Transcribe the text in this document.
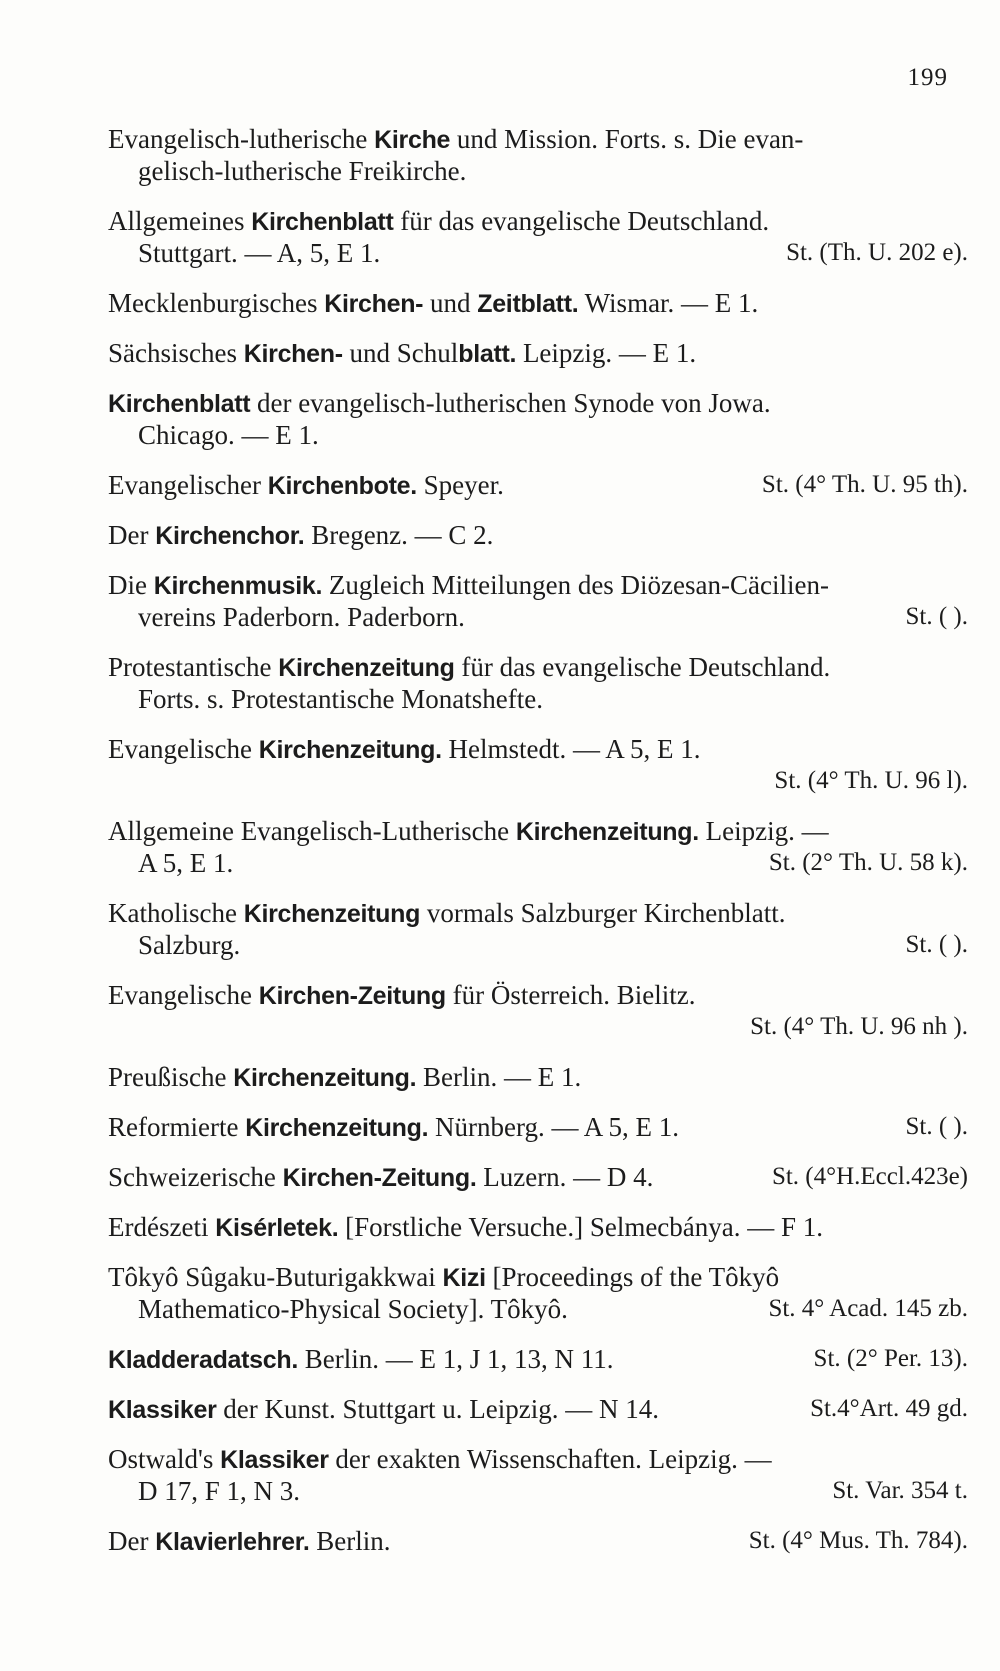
199
Evangelisch-lutherische Kirche und Mission. Forts. s. Die evan-
gelisch-lutherische Freikirche.
Allgemeines Kirchenblatt für das evangelische Deutschland.
Stuttgart. — A, 5, E 1.	St. (Th. U. 202 e).
Mecklenburgisches Kirchen- und Zeitblatt. Wismar. — E 1.
Sächsisches Kirchen- und Schulblatt. Leipzig. — E 1.
Kirchenblatt der evangelisch-lutherischen Synode von Jowa.
Chicago. — E 1.
Evangelischer Kirchenbote. Speyer.	St. (4° Th. U. 95 th).
Der Kirchenchor. Bregenz. — C 2.
Die Kirchenmusik. Zugleich Mitteilungen des Diözesan-Cäcilien-
vereins Paderborn. Paderborn.	St. ( ).
Protestantische Kirchenzeitung für das evangelische Deutschland.
Forts. s. Protestantische Monatshefte.
Evangelische Kirchenzeitung. Helmstedt. — A 5, E 1.
St. (4° Th. U. 96 l).
Allgemeine Evangelisch-Lutherische Kirchenzeitung. Leipzig. —
A 5, E 1.	St. (2° Th. U. 58 k).
Katholische Kirchenzeitung vormals Salzburger Kirchenblatt.
Salzburg.	St. ( ).
Evangelische Kirchen-Zeitung für Österreich. Bielitz.
St. (4° Th. U. 96 nh ).
Preußische Kirchenzeitung. Berlin. — E 1.
Reformierte Kirchenzeitung. Nürnberg. — A 5, E 1.	St. ( ).
Schweizerische Kirchen-Zeitung. Luzern. — D 4.	St. (4°H.Eccl.423e)
Erdészeti Kisérletek. [Forstliche Versuche.] Selmecbánya. — F 1.
Tôkyô Sûgaku-Buturigakkwai Kizi [Proceedings of the Tôkyô
Mathematico-Physical Society]. Tôkyô.	St. 4° Acad. 145 zb.
Kladderadatsch. Berlin. — E 1, J 1, 13, N 11.	St. (2° Per. 13).
Klassiker der Kunst. Stuttgart u. Leipzig. — N 14.	St.4°Art. 49 gd.
Ostwald's Klassiker der exakten Wissenschaften. Leipzig. —
D 17, F 1, N 3.	St. Var. 354 t.
Der Klavierlehrer. Berlin.	St. (4° Mus. Th. 784).
